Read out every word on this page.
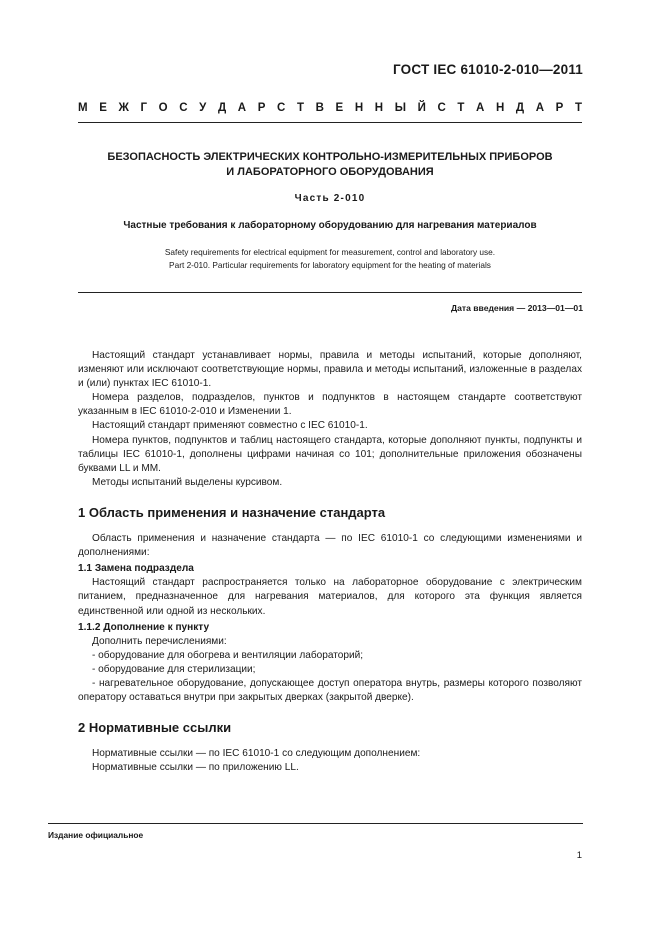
ГОСТ IEC 61010-2-010—2011
М Е Ж Г О С У Д А Р С Т В Е Н Н Ы Й С Т А Н Д А Р Т
БЕЗОПАСНОСТЬ ЭЛЕКТРИЧЕСКИХ КОНТРОЛЬНО-ИЗМЕРИТЕЛЬНЫХ ПРИБОРОВ
И ЛАБОРАТОРНОГО ОБОРУДОВАНИЯ
Часть 2-010
Частные требования к лабораторному оборудованию для нагревания материалов
Safety requirements for electrical equipment for measurement, control and laboratory use.
Part 2-010. Particular requirements for laboratory equipment for the heating of materials
Дата введения — 2013—01—01

Настоящий стандарт устанавливает нормы, правила и методы испытаний, которые дополняют, изменяют или исключают соответствующие нормы, правила и методы испытаний, изложенные в разделах и (или) пунктах IEC 61010-1.

Номера разделов, подразделов, пунктов и подпунктов в настоящем стандарте соответствуют указанным в IEC 61010-2-010 и Изменении 1.

Настоящий стандарт применяют совместно с IEC 61010-1.

Номера пунктов, подпунктов и таблиц настоящего стандарта, которые дополняют пункты, подпункты и таблицы IEC 61010-1, дополнены цифрами начиная со 101; дополнительные приложения обозначены буквами LL и MM.

Методы испытаний выделены курсивом.

1 Область применения и назначение стандарта

Область применения и назначение стандарта — по IEC 61010-1 со следующими изменениями и дополнениями:

1.1 Замена подраздела

Настоящий стандарт распространяется только на лабораторное оборудование с электрическим питанием, предназначенное для нагревания материалов, для которого эта функция является единственной или одной из нескольких.

1.1.2 Дополнение к пункту

Дополнить перечислениями:

- оборудование для обогрева и вентиляции лабораторий;

- оборудование для стерилизации;

- нагревательное оборудование, допускающее доступ оператора внутрь, размеры которого позволяют оператору оставаться внутри при закрытых дверках (закрытой дверке).

2 Нормативные ссылки

Нормативные ссылки — по IEC 61010-1 со следующим дополнением:

Нормативные ссылки — по приложению LL.

Издание официальное
1
